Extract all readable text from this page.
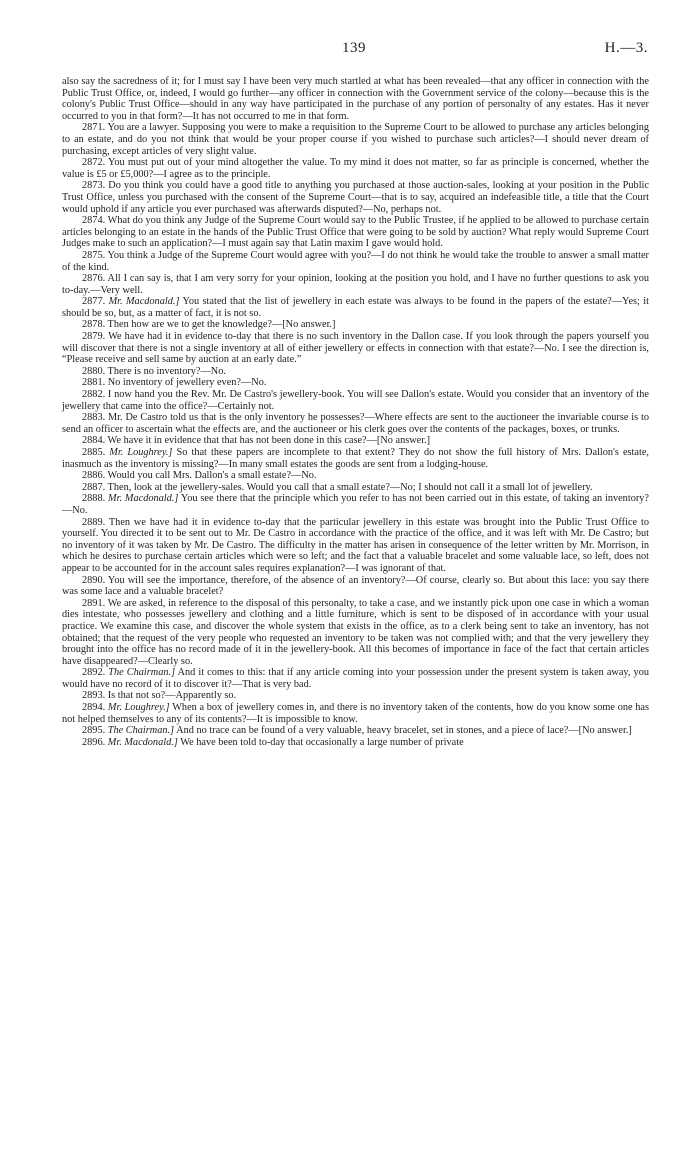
139	H.—3.

also say the sacredness of it; for I must say I have been very much startled at what has been revealed—that any officer in connection with the Public Trust Office, or, indeed, I would go further—any officer in connection with the Government service of the colony—because this is the colony's Public Trust Office—should in any way have participated in the purchase of any portion of personalty of any estates. Has it never occurred to you in that form?—It has not occurred to me in that form.

2871. You are a lawyer. Supposing you were to make a requisition to the Supreme Court to be allowed to purchase any articles belonging to an estate, and do you not think that would be your proper course if you wished to purchase such articles?—I should never dream of purchasing, except articles of very slight value.

2872. You must put out of your mind altogether the value. To my mind it does not matter, so far as principle is concerned, whether the value is £5 or £5,000?—I agree as to the principle.

2873. Do you think you could have a good title to anything you purchased at those auction-sales, looking at your position in the Public Trust Office, unless you purchased with the consent of the Supreme Court—that is to say, acquired an indefeasible title, a title that the Court would uphold if any article you ever purchased was afterwards disputed?—No, perhaps not.

2874. What do you think any Judge of the Supreme Court would say to the Public Trustee, if he applied to be allowed to purchase certain articles belonging to an estate in the hands of the Public Trust Office that were going to be sold by auction? What reply would Supreme Court Judges make to such an application?—I must again say that Latin maxim I gave would hold.

2875. You think a Judge of the Supreme Court would agree with you?—I do not think he would take the trouble to answer a small matter of the kind.

2876. All I can say is, that I am very sorry for your opinion, looking at the position you hold, and I have no further questions to ask you to-day.—Very well.

2877. Mr. Macdonald.] You stated that the list of jewellery in each estate was always to be found in the papers of the estate?—Yes; it should be so, but, as a matter of fact, it is not so.

2878. Then how are we to get the knowledge?—[No answer.]

2879. We have had it in evidence to-day that there is no such inventory in the Dallon case. If you look through the papers yourself you will discover that there is not a single inventory at all of either jewellery or effects in connection with that estate?—No. I see the direction is, “Please receive and sell same by auction at an early date.”

2880. There is no inventory?—No.

2881. No inventory of jewellery even?—No.

2882. I now hand you the Rev. Mr. De Castro's jewellery-book. You will see Dallon's estate. Would you consider that an inventory of the jewellery that came into the office?—Certainly not.

2883. Mr. De Castro told us that is the only inventory he possesses?—Where effects are sent to the auctioneer the invariable course is to send an officer to ascertain what the effects are, and the auctioneer or his clerk goes over the contents of the packages, boxes, or trunks.

2884. We have it in evidence that that has not been done in this case?—[No answer.]

2885. Mr. Loughrey.] So that these papers are incomplete to that extent? They do not show the full history of Mrs. Dallon's estate, inasmuch as the inventory is missing?—In many small estates the goods are sent from a lodging-house.

2886. Would you call Mrs. Dallon's a small estate?—No.

2887. Then, look at the jewellery-sales. Would you call that a small estate?—No; I should not call it a small lot of jewellery.

2888. Mr. Macdonald.] You see there that the principle which you refer to has not been carried out in this estate, of taking an inventory?—No.

2889. Then we have had it in evidence to-day that the particular jewellery in this estate was brought into the Public Trust Office to yourself. You directed it to be sent out to Mr. De Castro in accordance with the practice of the office, and it was left with Mr. De Castro; but no inventory of it was taken by Mr. De Castro. The difficulty in the matter has arisen in consequence of the letter written by Mr. Morrison, in which he desires to purchase certain articles which were so left; and the fact that a valuable bracelet and some valuable lace, so left, does not appear to be accounted for in the account sales requires explanation?—I was ignorant of that.

2890. You will see the importance, therefore, of the absence of an inventory?—Of course, clearly so. But about this lace: you say there was some lace and a valuable bracelet?

2891. We are asked, in reference to the disposal of this personalty, to take a case, and we instantly pick upon one case in which a woman dies intestate, who possesses jewellery and clothing and a little furniture, which is sent to be disposed of in accordance with your usual practice. We examine this case, and discover the whole system that exists in the office, as to a clerk being sent to take an inventory, has not obtained; that the request of the very people who requested an inventory to be taken was not complied with; and that the very jewellery they brought into the office has no record made of it in the jewellery-book. All this becomes of importance in face of the fact that certain articles have disappeared?—Clearly so.

2892. The Chairman.] And it comes to this: that if any article coming into your possession under the present system is taken away, you would have no record of it to discover it?—That is very bad.

2893. Is that not so?—Apparently so.

2894. Mr. Loughrey.] When a box of jewellery comes in, and there is no inventory taken of the contents, how do you know some one has not helped themselves to any of its contents?—It is impossible to know.

2895. The Chairman.] And no trace can be found of a very valuable, heavy bracelet, set in stones, and a piece of lace?—[No answer.]

2896. Mr. Macdonald.] We have been told to-day that occasionally a large number of private
